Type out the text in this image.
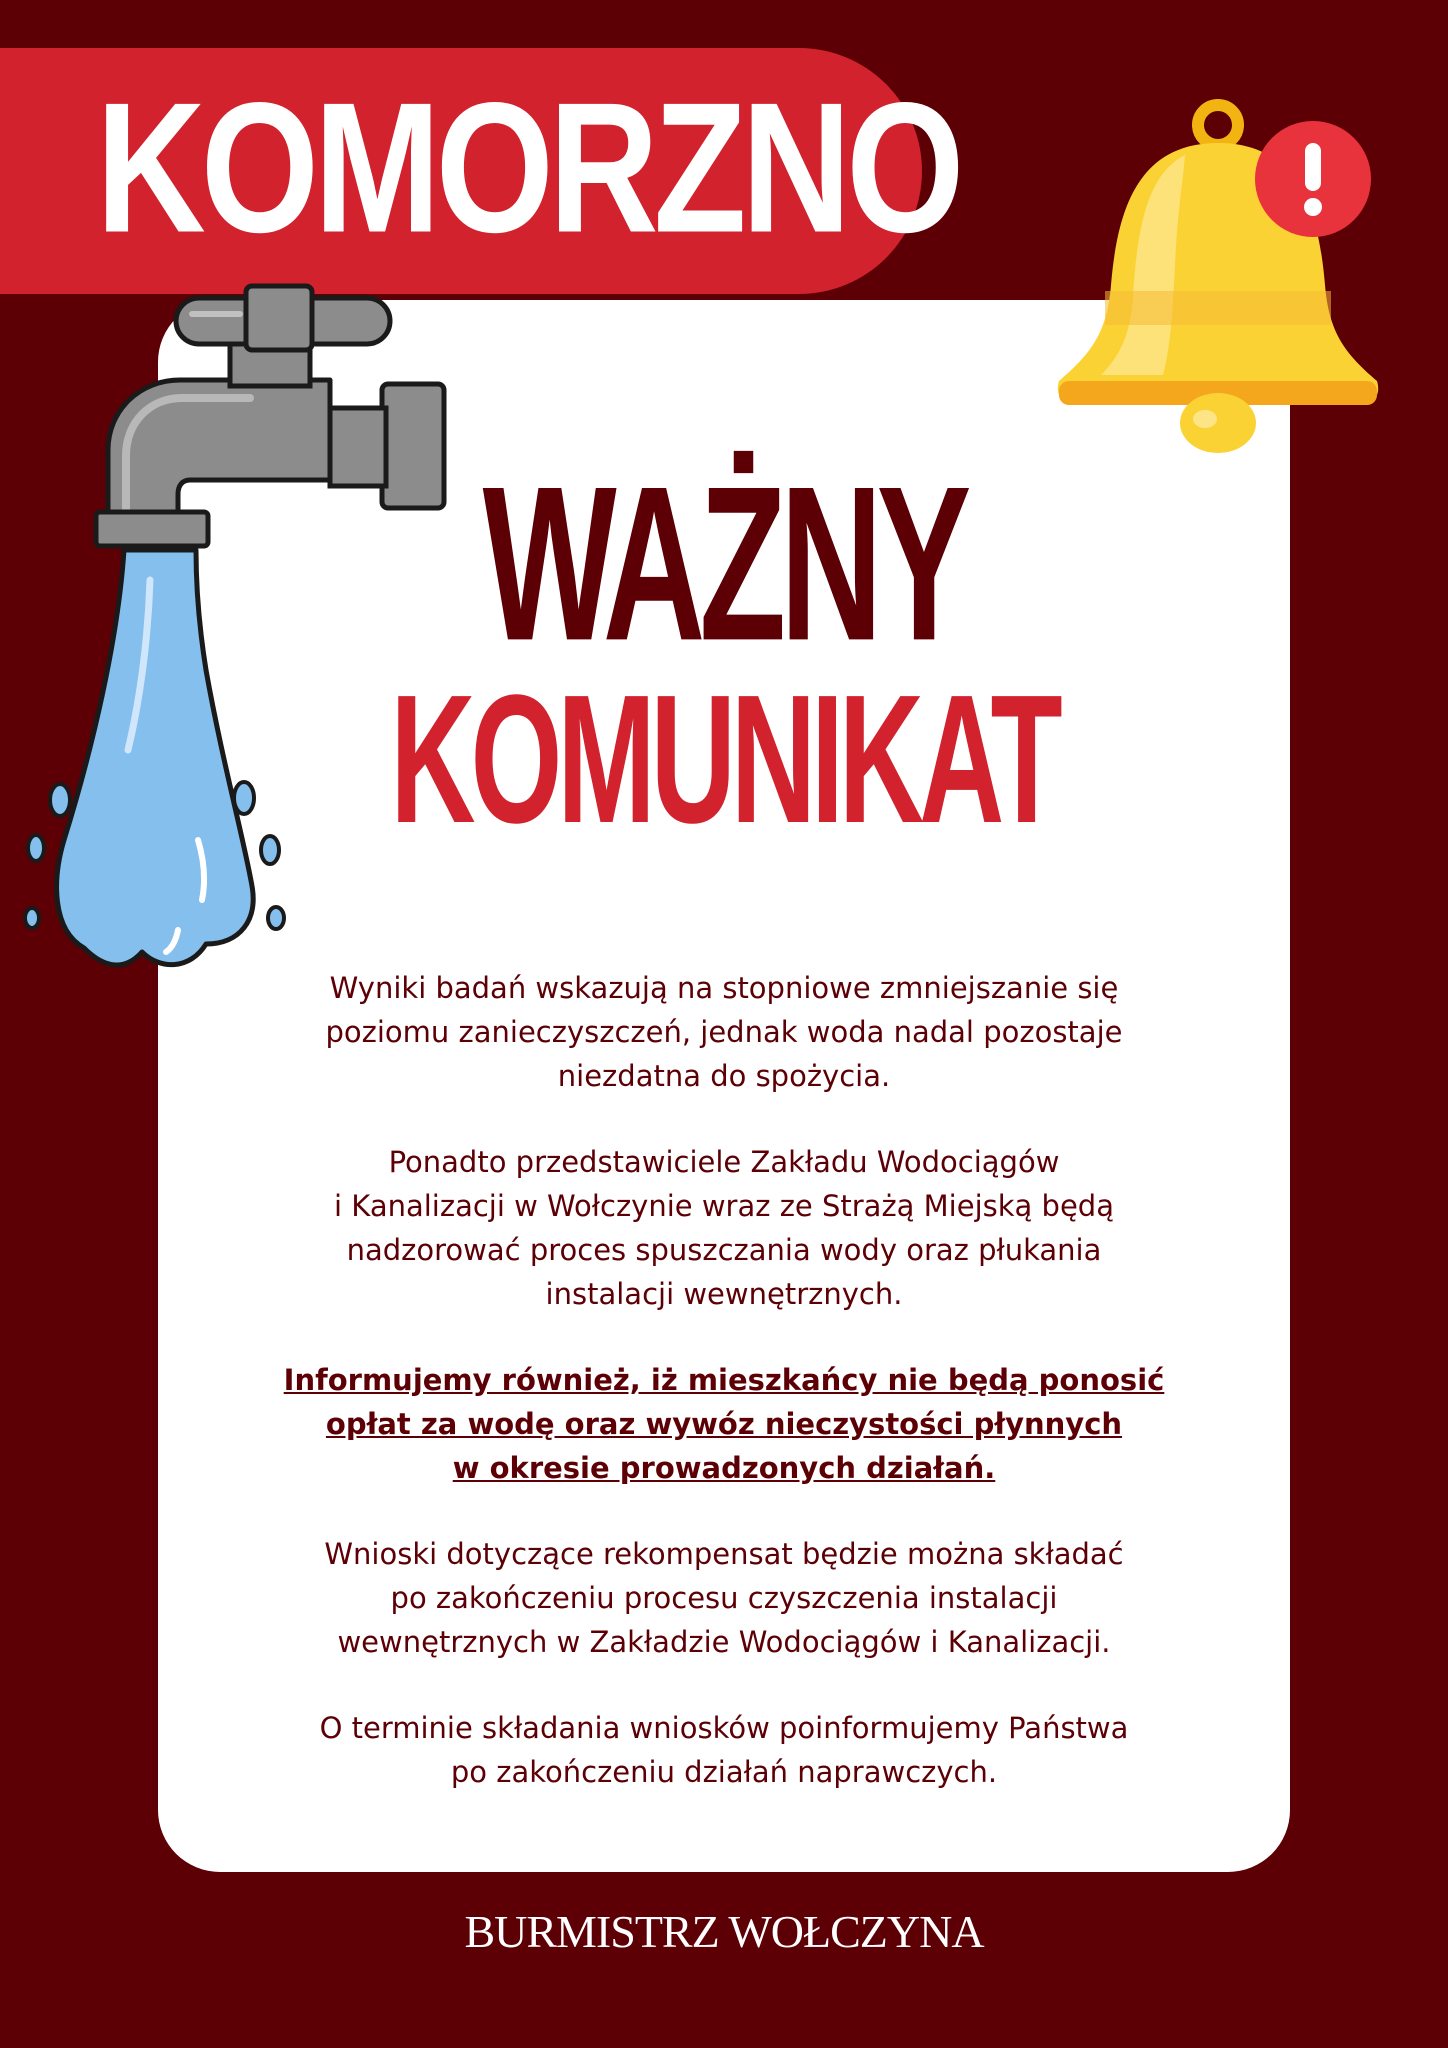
KOMORZNO
WAŻNY
KOMUNIKAT

Wyniki badań wskazują na stopniowe zmniejszanie się
poziomu zanieczyszczeń, jednak woda nadal pozostaje
niezdatna do spożycia.

Ponadto przedstawiciele Zakładu Wodociągów
i Kanalizacji w Wołczynie wraz ze Strażą Miejską będą
nadzorować proces spuszczania wody oraz płukania
instalacji wewnętrznych.

Informujemy również, iż mieszkańcy nie będą ponosić
opłat za wodę oraz wywóz nieczystości płynnych
w okresie prowadzonych działań.

Wnioski dotyczące rekompensat będzie można składać
po zakończeniu procesu czyszczenia instalacji
wewnętrznych w Zakładzie Wodociągów i Kanalizacji.

O terminie składania wniosków poinformujemy Państwa
po zakończeniu działań naprawczych.

BURMISTRZ WOŁCZYNA
